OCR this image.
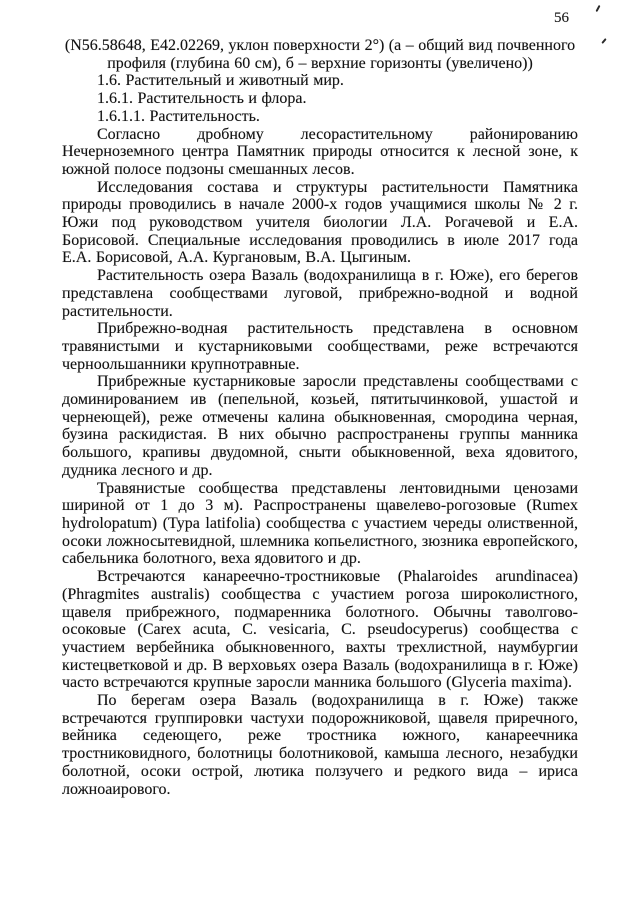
56

(N56.58648, E42.02269, уклон поверхности 2°) (а – общий вид почвенного профиля (глубина 60 см), б – верхние горизонты (увеличено))

1.6. Растительный и животный мир.

1.6.1. Растительность и флора.

1.6.1.1. Растительность.

Согласно дробному лесорастительному районированию Нечерноземного центра Памятник природы относится к лесной зоне, к южной полосе подзоны смешанных лесов.

Исследования состава и структуры растительности Памятника природы проводились в начале 2000-х годов учащимися школы № 2 г. Южи под руководством учителя биологии Л.А. Рогачевой и Е.А. Борисовой. Специальные исследования проводились в июле 2017 года Е.А. Борисовой, А.А. Кургановым, В.А. Цыгиным.

Растительность озера Вазаль (водохранилища в г. Юже), его берегов представлена сообществами луговой, прибрежно-водной и водной растительности.

Прибрежно-водная растительность представлена в основном травянистыми и кустарниковыми сообществами, реже встречаются черноольшанники крупнотравные.

Прибрежные кустарниковые заросли представлены сообществами с доминированием ив (пепельной, козьей, пятитычинковой, ушастой и чернеющей), реже отмечены калина обыкновенная, смородина черная, бузина раскидистая. В них обычно распространены группы манника большого, крапивы двудомной, сныти обыкновенной, веха ядовитого, дудника лесного и др.

Травянистые сообщества представлены лентовидными ценозами шириной от 1 до 3 м). Распространены щавелево-рогозовые (Rumex hydrolopatum) (Typa latifolia) сообщества с участием череды олиственной, осоки ложносытевидной, шлемника копьелистного, зюзника европейского, сабельника болотного, веха ядовитого и др.

Встречаются канареечно-тростниковые (Phalaroides arundinacea) (Phragmites australis) сообщества с участием рогоза широколистного, щавеля прибрежного, подмаренника болотного. Обычны таволгово-осоковые (Carex acuta, C. vesicaria, C. pseudocyperus) сообщества с участием вербейника обыкновенного, вахты трехлистной, наумбургии кистецветковой и др. В верховьях озера Вазаль (водохранилища в г. Юже) часто встречаются крупные заросли манника большого (Glyceria maxima).

По берегам озера Вазаль (водохранилища в г. Юже) также встречаются группировки частухи подорожниковой, щавеля приречного, вейника седеющего, реже тростника южного, канареечника тростниковидного, болотницы болотниковой, камыша лесного, незабудки болотной, осоки острой, лютика ползучего и редкого вида – ириса ложноаирового.
